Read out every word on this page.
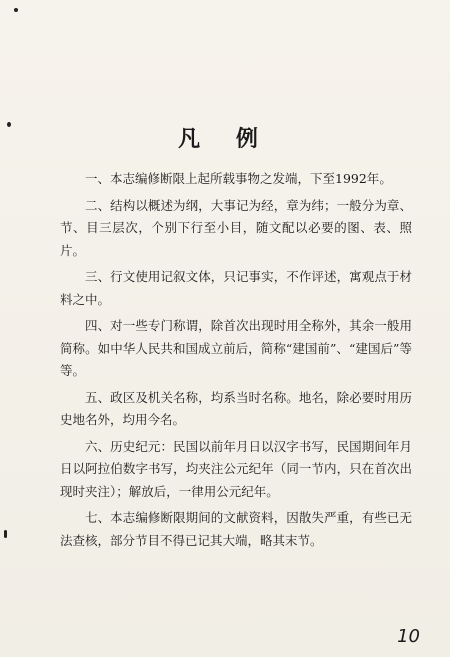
凡 例

一、本志编修断限上起所载事物之发端，下至1992年。

二、结构以概述为纲，大事记为经，章为纬；一般分为章、节、目三层次，个别下行至小目，随文配以必要的图、表、照片。

三、行文使用记叙文体，只记事实，不作评述，寓观点于材料之中。

四、对一些专门称谓，除首次出现时用全称外，其余一般用简称。如中华人民共和国成立前后，简称“建国前”、“建国后”等等。

五、政区及机关名称，均系当时名称。地名，除必要时用历史地名外，均用今名。

六、历史纪元：民国以前年月日以汉字书写，民国期间年月日以阿拉伯数字书写，均夹注公元纪年（同一节内，只在首次出现时夹注）；解放后，一律用公元纪年。

七、本志编修断限期间的文献资料，因散失严重，有些已无法查核，部分节目不得已记其大端，略其末节。

10
